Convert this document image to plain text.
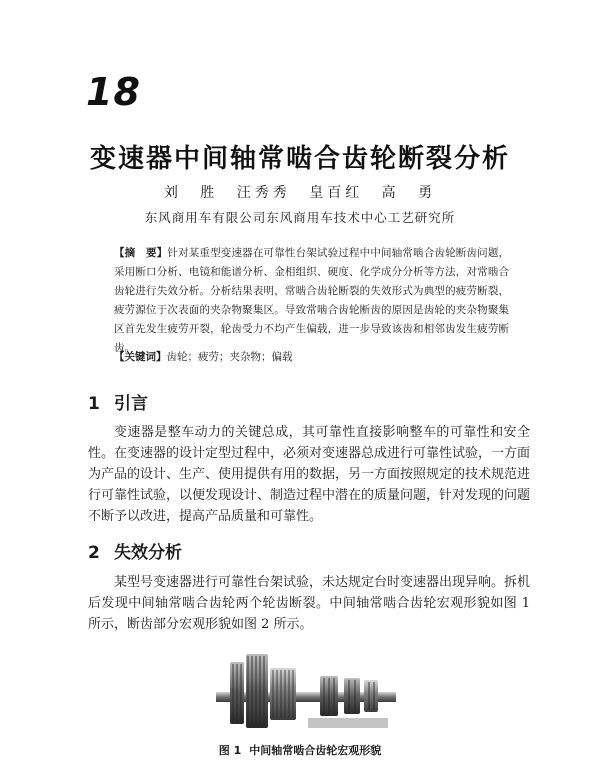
18
变速器中间轴常啮合齿轮断裂分析
刘 胜 汪秀秀 皇百红 高 勇
东风商用车有限公司东风商用车技术中心工艺研究所
【摘　要】针对某重型变速器在可靠性台架试验过程中中间轴常啮合齿轮断齿问题，采用断口分析、电镜和能谱分析、金相组织、硬度、化学成分分析等方法，对常啮合齿轮进行失效分析。分析结果表明，常啮合齿轮断裂的失效形式为典型的疲劳断裂，疲劳源位于次表面的夹杂物聚集区。导致常啮合齿轮断齿的原因是齿轮的夹杂物聚集区首先发生疲劳开裂，轮齿受力不均产生偏载，进一步导致该齿和相邻齿发生疲劳断齿。
【关键词】齿轮；疲劳；夹杂物；偏载
1 引言
变速器是整车动力的关键总成，其可靠性直接影响整车的可靠性和安全性。在变速器的设计定型过程中，必须对变速器总成进行可靠性试验，一方面为产品的设计、生产、使用提供有用的数据，另一方面按照规定的技术规范进行可靠性试验，以便发现设计、制造过程中潜在的质量问题，针对发现的问题不断予以改进，提高产品质量和可靠性。
2 失效分析
某型号变速器进行可靠性台架试验，未达规定台时变速器出现异响。拆机后发现中间轴常啮合齿轮两个轮齿断裂。中间轴常啮合齿轮宏观形貌如图 1 所示，断齿部分宏观形貌如图 2 所示。
图 1 中间轴常啮合齿轮宏观形貌
